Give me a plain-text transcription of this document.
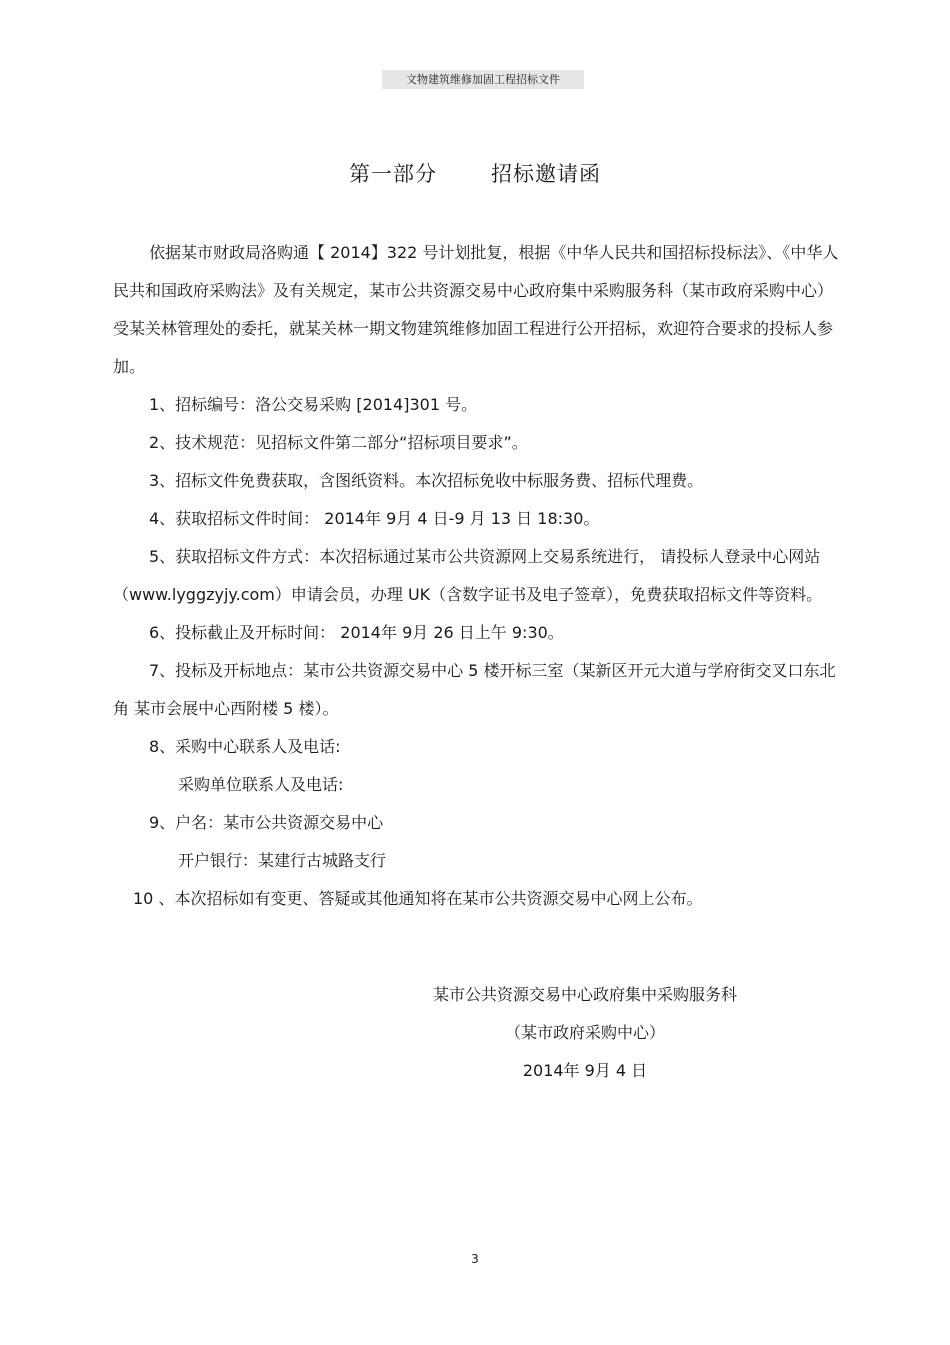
文物建筑维修加固工程招标文件
第一部分	招标邀请函

依据某市财政局洛购通【 2014】322 号计划批复，根据《中华人民共和国招标投标法》、《中华人民共和国政府采购法》及有关规定，某市公共资源交易中心政府集中采购服务科（某市政府采购中心）受某关林管理处的委托，就某关林一期文物建筑维修加固工程进行公开招标，欢迎符合要求的投标人参加。

1、招标编号：洛公交易采购 [2014]301 号。

2、技术规范：见招标文件第二部分“招标项目要求”。

3、招标文件免费获取，含图纸资料。本次招标免收中标服务费、招标代理费。

4、获取招标文件时间： 2014年 9月 4 日-9 月 13 日 18:30。

5、获取招标文件方式：本次招标通过某市公共资源网上交易系统进行， 请投标人登录中心网站（www.lyggzyjy.com）申请会员，办理 UK（含数字证书及电子签章），免费获取招标文件等资料。

6、投标截止及开标时间： 2014年 9月 26 日上午 9:30。

7、投标及开标地点：某市公共资源交易中心 5 楼开标三室（某新区开元大道与学府街交叉口东北角 某市会展中心西附楼 5 楼）。

8、采购中心联系人及电话:

采购单位联系人及电话:

9、户名：某市公共资源交易中心

开户银行：某建行古城路支行

10 、本次招标如有变更、答疑或其他通知将在某市公共资源交易中心网上公布。

某市公共资源交易中心政府集中采购服务科

（某市政府采购中心）

2014年 9月 4 日

3
